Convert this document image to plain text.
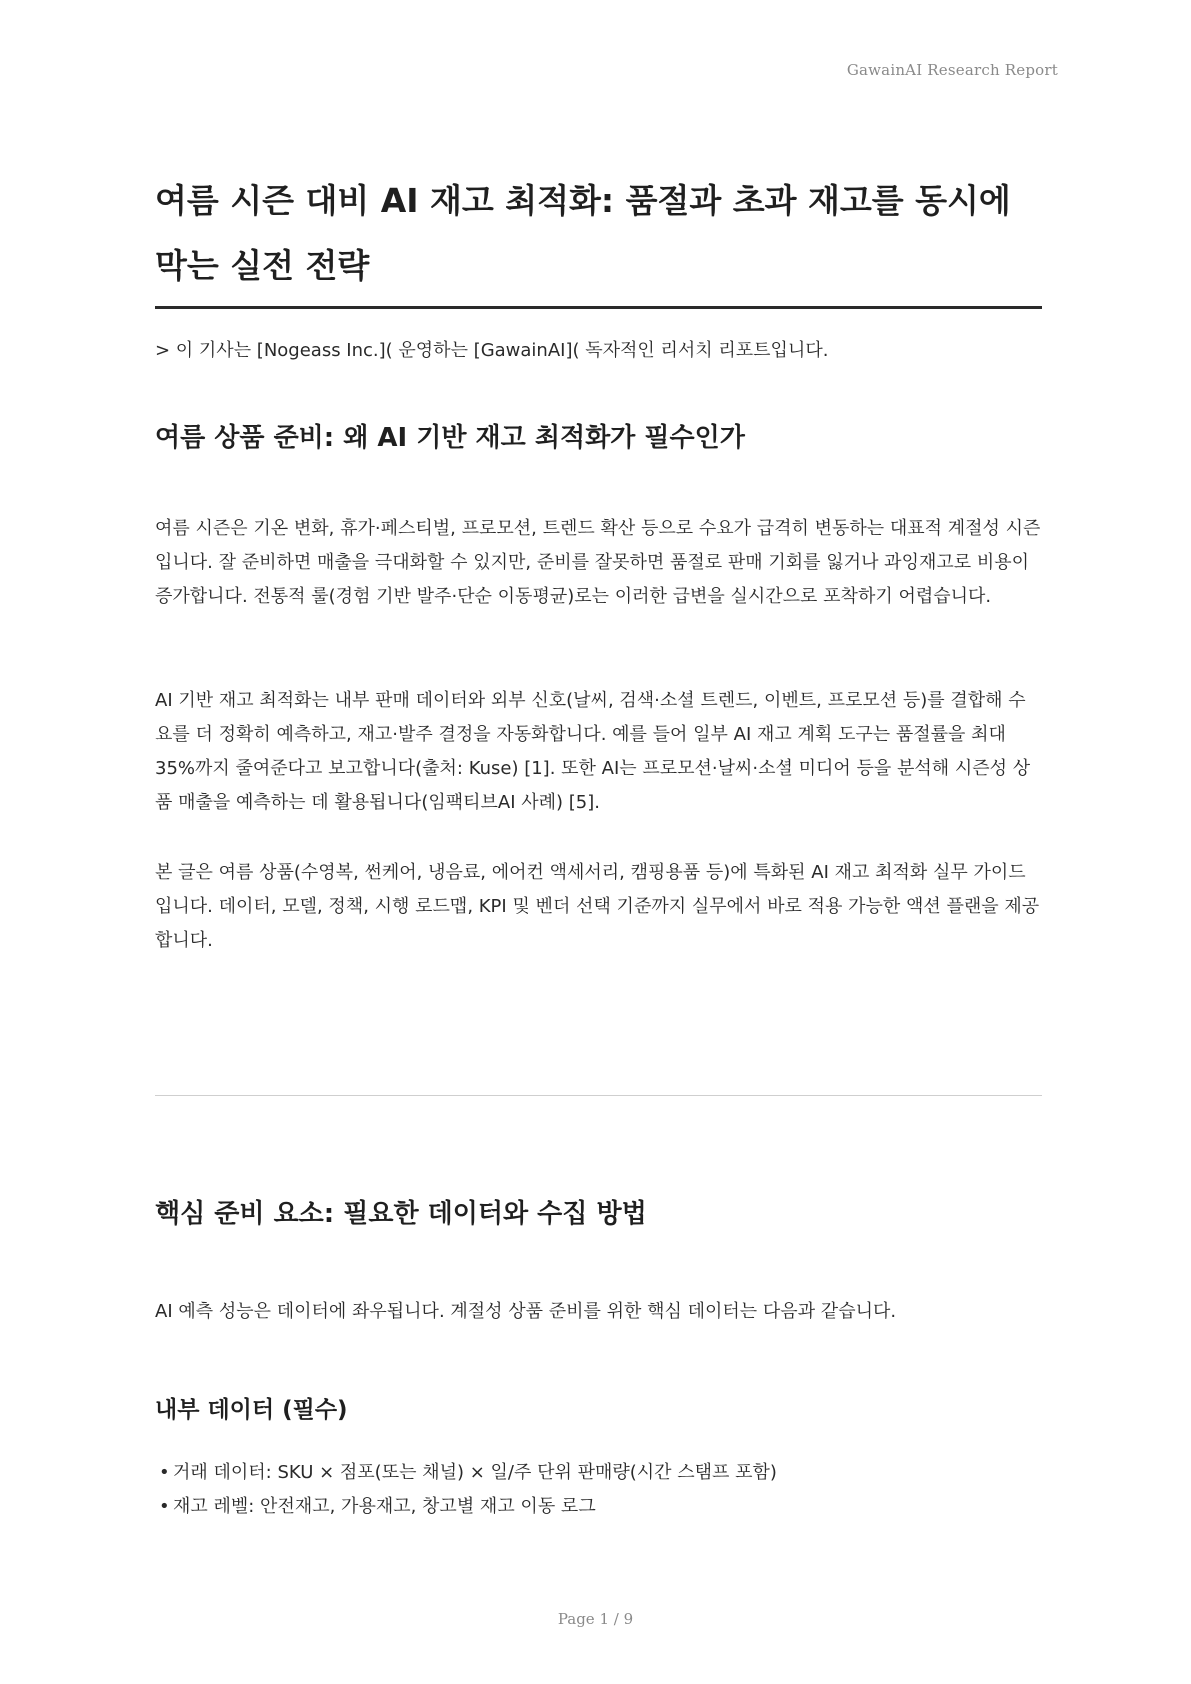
GawainAI Research Report
여름 시즌 대비 AI 재고 최적화: 품절과 초과 재고를 동시에 막는 실전 전략

> 이 기사는 [Nogeass Inc.]( 운영하는 [GawainAI]( 독자적인 리서치 리포트입니다.

여름 상품 준비: 왜 AI 기반 재고 최적화가 필수인가

여름 시즌은 기온 변화, 휴가·페스티벌, 프로모션, 트렌드 확산 등으로 수요가 급격히 변동하는 대표적 계절성 시즌입니다. 잘 준비하면 매출을 극대화할 수 있지만, 준비를 잘못하면 품절로 판매 기회를 잃거나 과잉재고로 비용이 증가합니다. 전통적 룰(경험 기반 발주·단순 이동평균)로는 이러한 급변을 실시간으로 포착하기 어렵습니다.

AI 기반 재고 최적화는 내부 판매 데이터와 외부 신호(날씨, 검색·소셜 트렌드, 이벤트, 프로모션 등)를 결합해 수요를 더 정확히 예측하고, 재고·발주 결정을 자동화합니다. 예를 들어 일부 AI 재고 계획 도구는 품절률을 최대 35%까지 줄여준다고 보고합니다(출처: Kuse) [1]. 또한 AI는 프로모션·날씨·소셜 미디어 등을 분석해 시즌성 상품 매출을 예측하는 데 활용됩니다(임팩티브AI 사례) [5].

본 글은 여름 상품(수영복, 썬케어, 냉음료, 에어컨 액세서리, 캠핑용품 등)에 특화된 AI 재고 최적화 실무 가이드입니다. 데이터, 모델, 정책, 시행 로드맵, KPI 및 벤더 선택 기준까지 실무에서 바로 적용 가능한 액션 플랜을 제공합니다.

핵심 준비 요소: 필요한 데이터와 수집 방법

AI 예측 성능은 데이터에 좌우됩니다. 계절성 상품 준비를 위한 핵심 데이터는 다음과 같습니다.

내부 데이터 (필수)
• 거래 데이터: SKU × 점포(또는 채널) × 일/주 단위 판매량(시간 스탬프 포함)
• 재고 레벨: 안전재고, 가용재고, 창고별 재고 이동 로그
Page 1 / 9
